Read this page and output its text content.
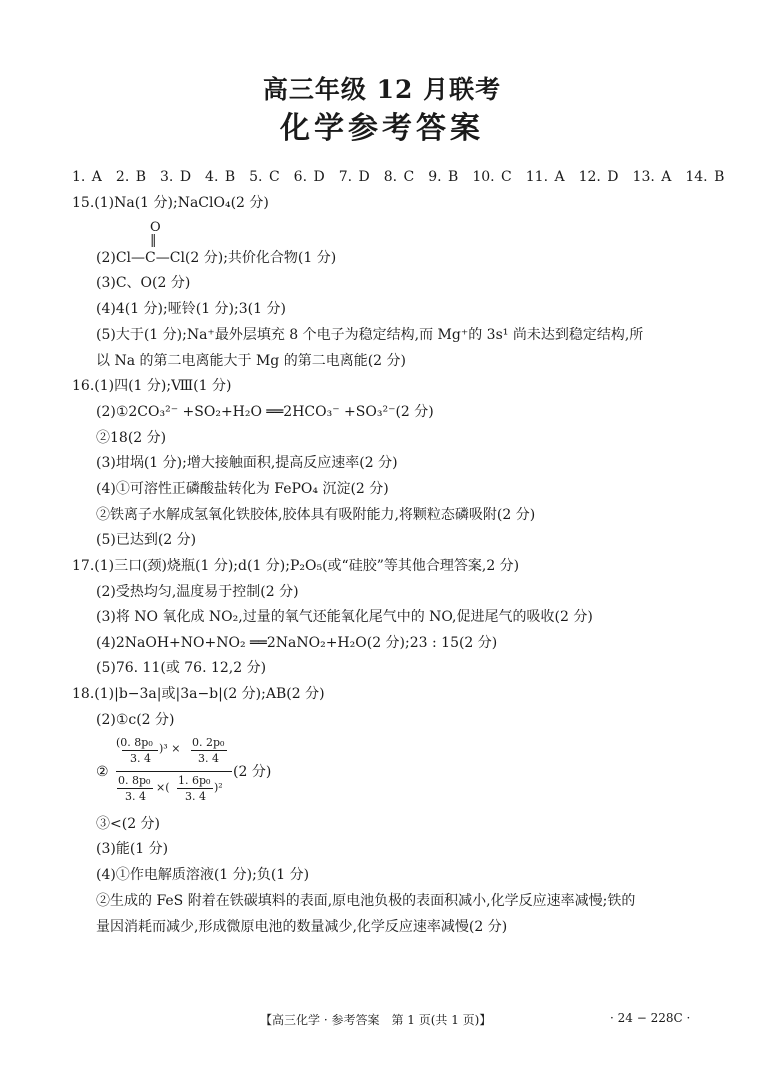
高三年级 12 月联考
化学参考答案
1. A　2. B　3. D　4. B　5. C　6. D　7. D　8. C　9. B　10. C　11. A　12. D　13. A　14. B
15.(1)Na(1 分);NaClO₄(2 分)
O
‖
(2)Cl—C—Cl(2 分);共价化合物(1 分)
(3)C、O(2 分)
(4)4(1 分);哑铃(1 分);3(1 分)
(5)大于(1 分);Na⁺最外层填充 8 个电子为稳定结构,而 Mg⁺的 3s¹ 尚未达到稳定结构,所
以 Na 的第二电离能大于 Mg 的第二电离能(2 分)
16.(1)四(1 分);Ⅷ(1 分)
(2)①2CO₃²⁻ +SO₂+H₂O ══2HCO₃⁻ +SO₃²⁻(2 分)
②18(2 分)
(3)坩埚(1 分);增大接触面积,提高反应速率(2 分)
(4)①可溶性正磷酸盐转化为 FePO₄ 沉淀(2 分)
②铁离子水解成氢氧化铁胶体,胶体具有吸附能力,将颗粒态磷吸附(2 分)
(5)已达到(2 分)
17.(1)三口(颈)烧瓶(1 分);d(1 分);P₂O₅(或“硅胶”等其他合理答案,2 分)
(2)受热均匀,温度易于控制(2 分)
(3)将 NO 氧化成 NO₂,过量的氧气还能氧化尾气中的 NO,促进尾气的吸收(2 分)
(4)2NaOH+NO+NO₂ ══2NaNO₂+H₂O(2 分);23 : 15(2 分)
(5)76. 11(或 76. 12,2 分)
18.(1)|b−3a|或|3a−b|(2 分);AB(2 分)
(2)①c(2 分)
②
(0. 8p₀
3. 4
)³ × 0. 2p₀
3. 4
0. 8p₀
3. 4
×(
1. 6p₀
3. 4
)²
(2 分)
③<(2 分)
(3)能(1 分)
(4)①作电解质溶液(1 分);负(1 分)
②生成的 FeS 附着在铁碳填料的表面,原电池负极的表面积减小,化学反应速率减慢;铁的
量因消耗而减少,形成微原电池的数量减少,化学反应速率减慢(2 分)
【高三化学 · 参考答案　第 1 页(共 1 页)】	· 24 − 228C ·
